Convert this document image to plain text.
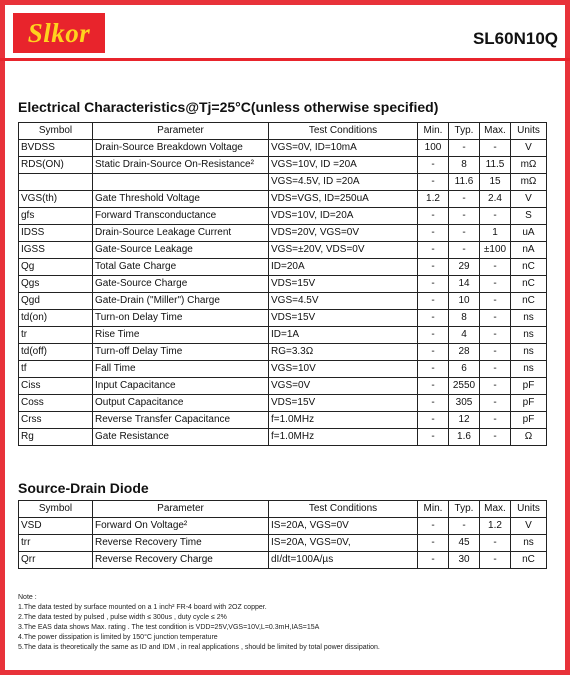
Slkor	SL60N10Q
Electrical Characteristics@Tj=25°C(unless otherwise specified)
Symbol	Parameter	Test Conditions	Min.	Typ.	Max.	Units
BVDSS	Drain-Source Breakdown Voltage	VGS=0V, ID=10mA	100	-	-	V
RDS(ON)	Static Drain-Source On-Resistance²	VGS=10V, ID =20A	-	8	11.5	mΩ
		VGS=4.5V, ID =20A	-	11.6	15	mΩ
VGS(th)	Gate Threshold Voltage	VDS=VGS, ID=250uA	1.2	-	2.4	V
gfs	Forward Transconductance	VDS=10V, ID=20A	-	-	-	S
IDSS	Drain-Source Leakage Current	VDS=20V, VGS=0V	-	-	1	uA
IGSS	Gate-Source Leakage	VGS=±20V, VDS=0V	-	-	±100	nA
Qg	Total Gate Charge	ID=20A	-	29	-	nC
Qgs	Gate-Source Charge	VDS=15V	-	14	-	nC
Qgd	Gate-Drain ("Miller") Charge	VGS=4.5V	-	10	-	nC
td(on)	Turn-on Delay Time	VDS=15V	-	8	-	ns
tr	Rise Time	ID=1A	-	4	-	ns
td(off)	Turn-off Delay Time	RG=3.3Ω	-	28	-	ns
tf	Fall Time	VGS=10V	-	6	-	ns
Ciss	Input Capacitance	VGS=0V	-	2550	-	pF
Coss	Output Capacitance	VDS=15V	-	305	-	pF
Crss	Reverse Transfer Capacitance	f=1.0MHz	-	12	-	pF
Rg	Gate Resistance	f=1.0MHz	-	1.6	-	Ω
Source-Drain Diode
Symbol	Parameter	Test Conditions	Min.	Typ.	Max.	Units
VSD	Forward On Voltage²	IS=20A, VGS=0V	-	-	1.2	V
trr	Reverse Recovery Time	IS=20A, VGS=0V,	-	45	-	ns
Qrr	Reverse Recovery Charge	dI/dt=100A/µs	-	30	-	nC
Note :
1.The data tested by surface mounted on a 1 inch² FR-4 board with 2OZ copper.
2.The data tested by pulsed , pulse width ≤ 300us , duty cycle ≤ 2%
3.The EAS data shows Max. rating . The test condition is VDD=25V,VGS=10V,L=0.3mH,IAS=15A
4.The power dissipation is limited by 150°C junction temperature
5.The data is theoretically the same as ID and IDM , in real applications , should be limited by total power dissipation.
